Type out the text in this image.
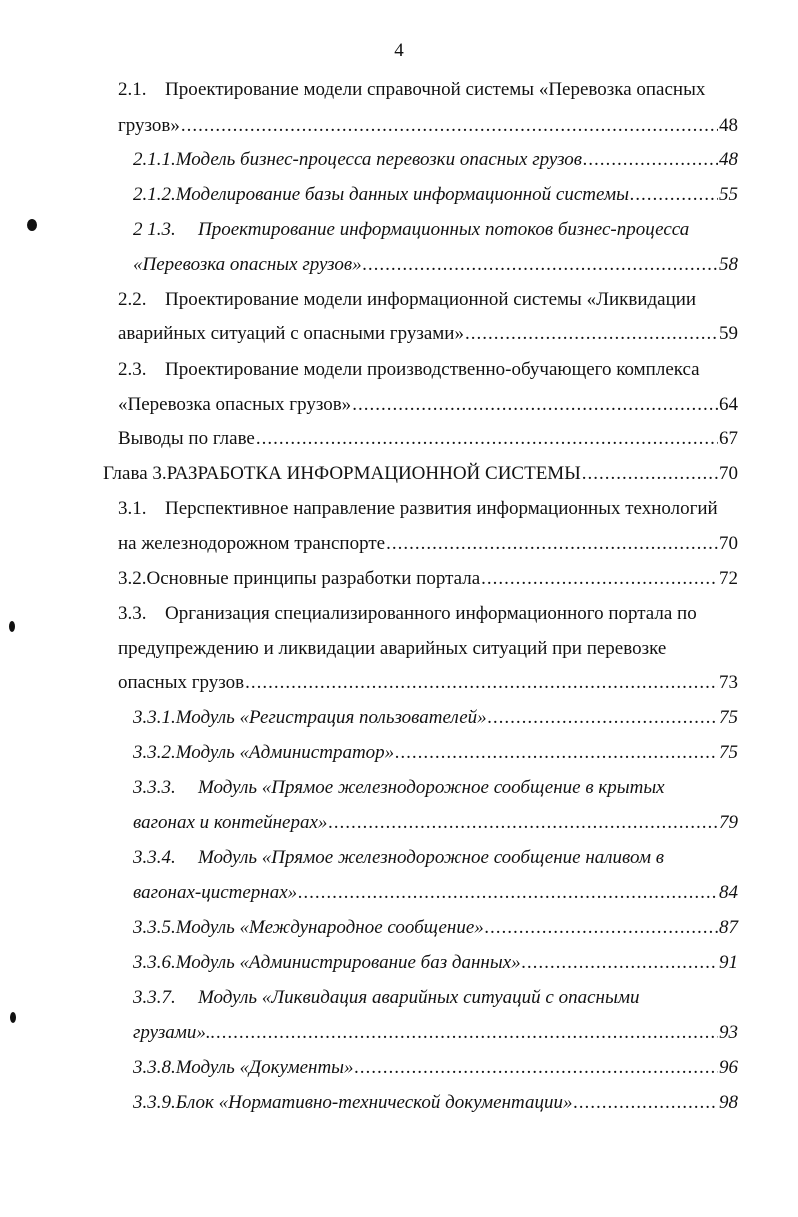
4
2.1. Проектирование модели справочной системы «Перевозка опасных
грузов» .....	48
2.1.1. Модель бизнес-процесса перевозки опасных грузов .....	48
2.1.2. Моделирование базы данных информационной системы .....	55
2 1.3. Проектирование информационных потоков бизнес-процесса
«Перевозка опасных грузов» .....	58
2.2. Проектирование модели информационной системы «Ликвидации
аварийных ситуаций с опасными грузами» .....	59
2.3. Проектирование модели производственно-обучающего комплекса
«Перевозка опасных грузов» .....	64
Выводы по главе .....	67
Глава 3. РАЗРАБОТКА ИНФОРМАЦИОННОЙ СИСТЕМЫ .....	70
3.1. Перспективное направление развития информационных технологий
на железнодорожном транспорте .....	70
3.2. Основные принципы разработки портала .....	72
3.3. Организация специализированного информационного портала по
предупреждению и ликвидации аварийных ситуаций при перевозке
опасных грузов .....	73
3.3.1. Модуль «Регистрация пользователей» .....	75
3.3.2. Модуль «Администратор» .....	75
3.3.3. Модуль «Прямое железнодорожное сообщение в крытых
вагонах и контейнерах» .....	79
3.3.4. Модуль «Прямое железнодорожное сообщение наливом в
вагонах-цистернах» .....	84
3.3.5. Модуль «Международное сообщение» .....	87
3.3.6. Модуль «Администрирование баз данных» .....	91
3.3.7. Модуль «Ликвидация аварийных ситуаций с опасными
грузами».. .....	93
3.3.8. Модуль «Документы» .....	96
3.3.9. Блок «Нормативно-технической документации» .....	98
